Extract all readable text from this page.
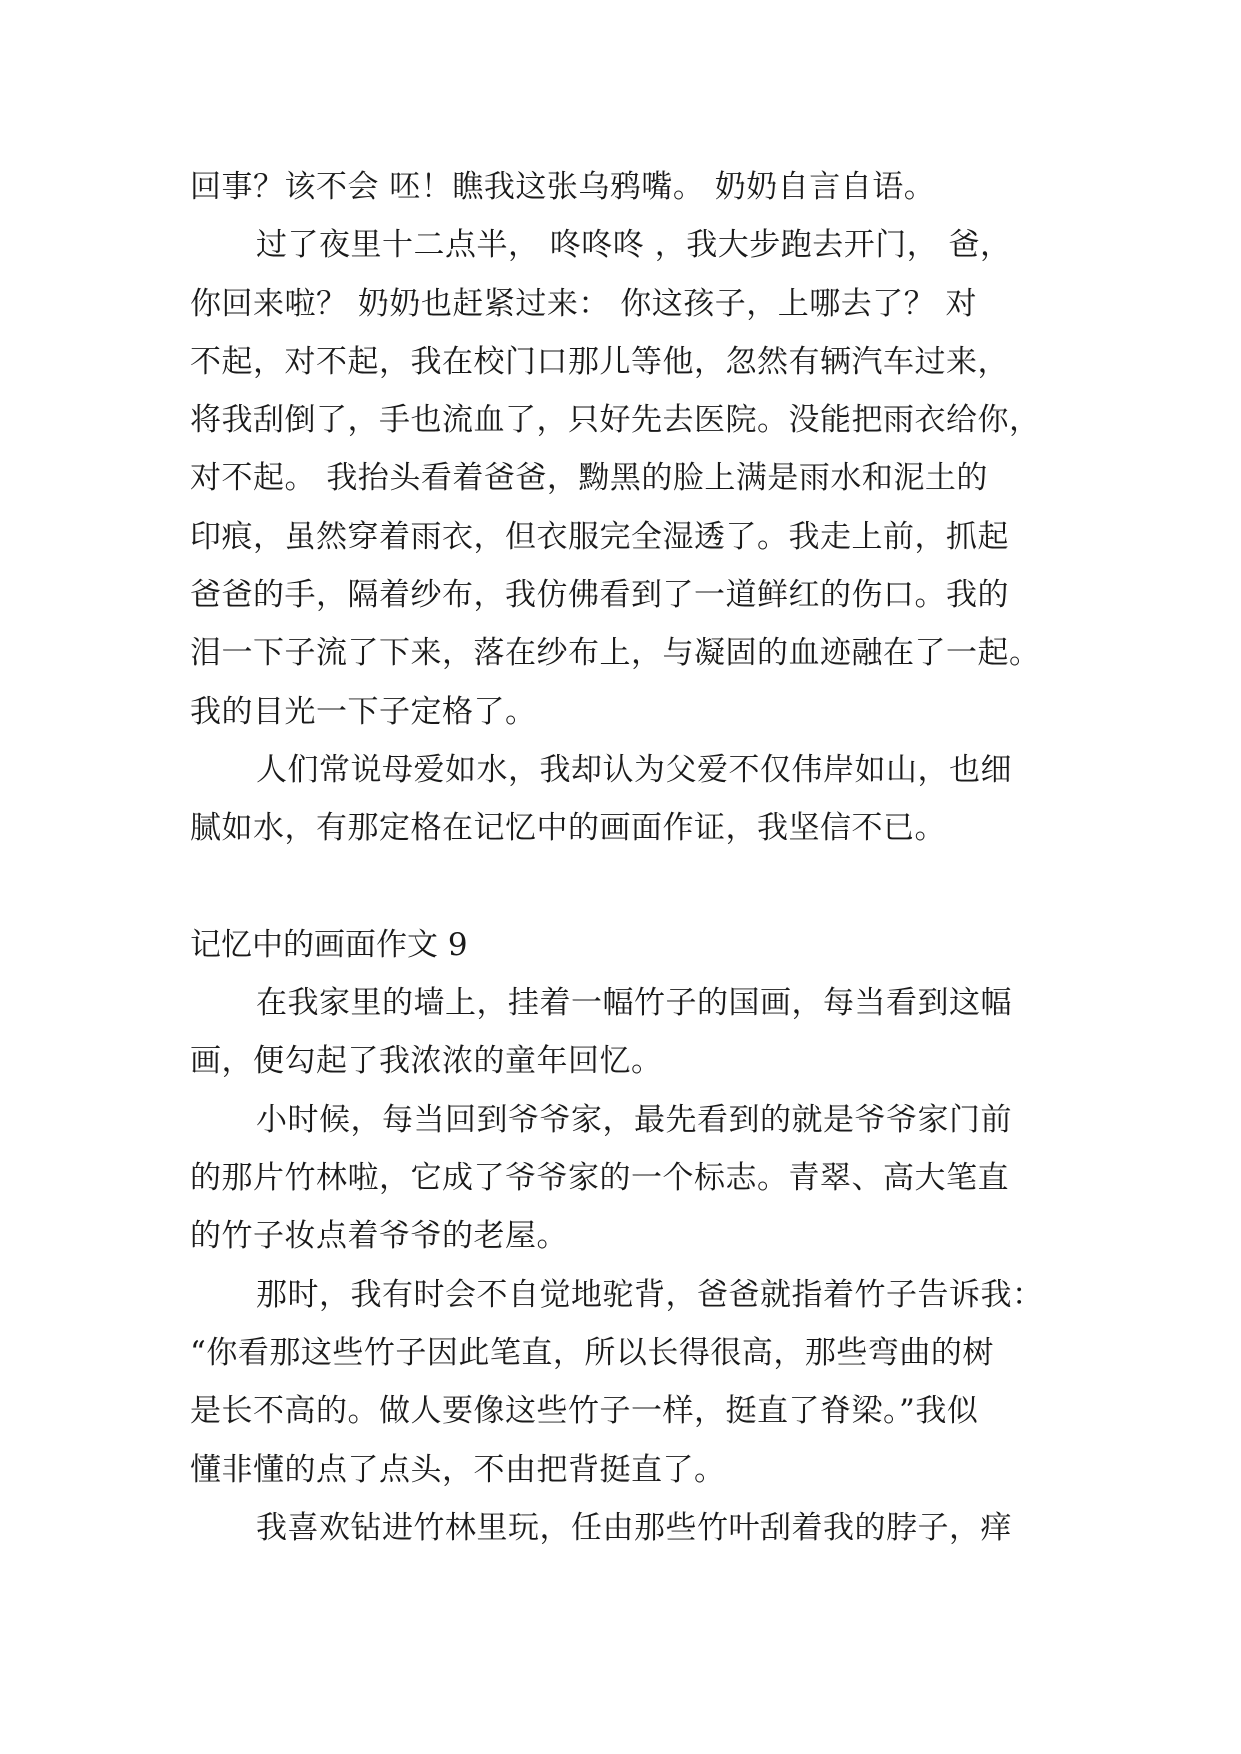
回事？该不会 呸！瞧我这张乌鸦嘴。 奶奶自言自语。
过了夜里十二点半， 咚咚咚 ，我大步跑去开门， 爸，
你回来啦？ 奶奶也赶紧过来： 你这孩子，上哪去了？ 对
不起，对不起，我在校门口那儿等他，忽然有辆汽车过来，
将我刮倒了，手也流血了，只好先去医院。没能把雨衣给你，
对不起。 我抬头看着爸爸，黝黑的脸上满是雨水和泥土的
印痕，虽然穿着雨衣，但衣服完全湿透了。我走上前，抓起
爸爸的手，隔着纱布，我仿佛看到了一道鲜红的伤口。我的
泪一下子流了下来，落在纱布上，与凝固的血迹融在了一起。
我的目光一下子定格了。
人们常说母爱如水，我却认为父爱不仅伟岸如山，也细
腻如水，有那定格在记忆中的画面作证，我坚信不已。
记忆中的画面作文 9
在我家里的墙上，挂着一幅竹子的国画，每当看到这幅
画，便勾起了我浓浓的童年回忆。
小时候，每当回到爷爷家，最先看到的就是爷爷家门前
的那片竹林啦，它成了爷爷家的一个标志。青翠、高大笔直
的竹子妆点着爷爷的老屋。
那时，我有时会不自觉地驼背，爸爸就指着竹子告诉我：
“你看那这些竹子因此笔直，所以长得很高，那些弯曲的树
是长不高的。做人要像这些竹子一样，挺直了脊梁。”我似
懂非懂的点了点头，不由把背挺直了。
我喜欢钻进竹林里玩，任由那些竹叶刮着我的脖子，痒
